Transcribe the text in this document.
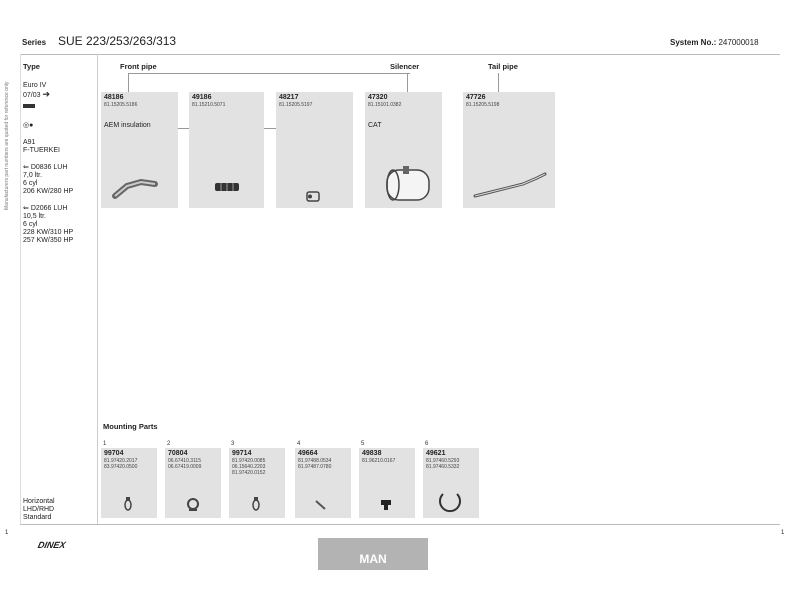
Series SUE 223/253/263/313	System No.: 247000018
Manufacturers part numbers are quoted for reference only
Type
Euro IV
07/03 ➔
◎●
A91
F-TUERKEI
⇐ D0836 LUH
7,0 ltr.
6 cyl
206 KW/280 HP
⇐ D2066 LUH
10,5 ltr.
6 cyl
228 KW/310 HP
257 KW/350 HP
Horizontal
LHD/RHD
Standard
Front pipe	Silencer	Tail pipe
48186
81.15205.5186
AEM insulation
49186
81.15210.5071
48217
81.15205.5197
47320
81.15101.0382
CAT
47726
81.15205.5198
Mounting Parts
1
99704
81.97420.2017
83.97420.0500
2
70804
06.67410.3115
06.67419.0009
3
99714
81.97420.0085
06.15640.2203
81.97420.0152
4
49664
81.97488.0534
81.97487.0780
5
49838
81.96210.0167
6
49621
81.97460.5293
81.97460.5332
1	1
DINEX
MAN
